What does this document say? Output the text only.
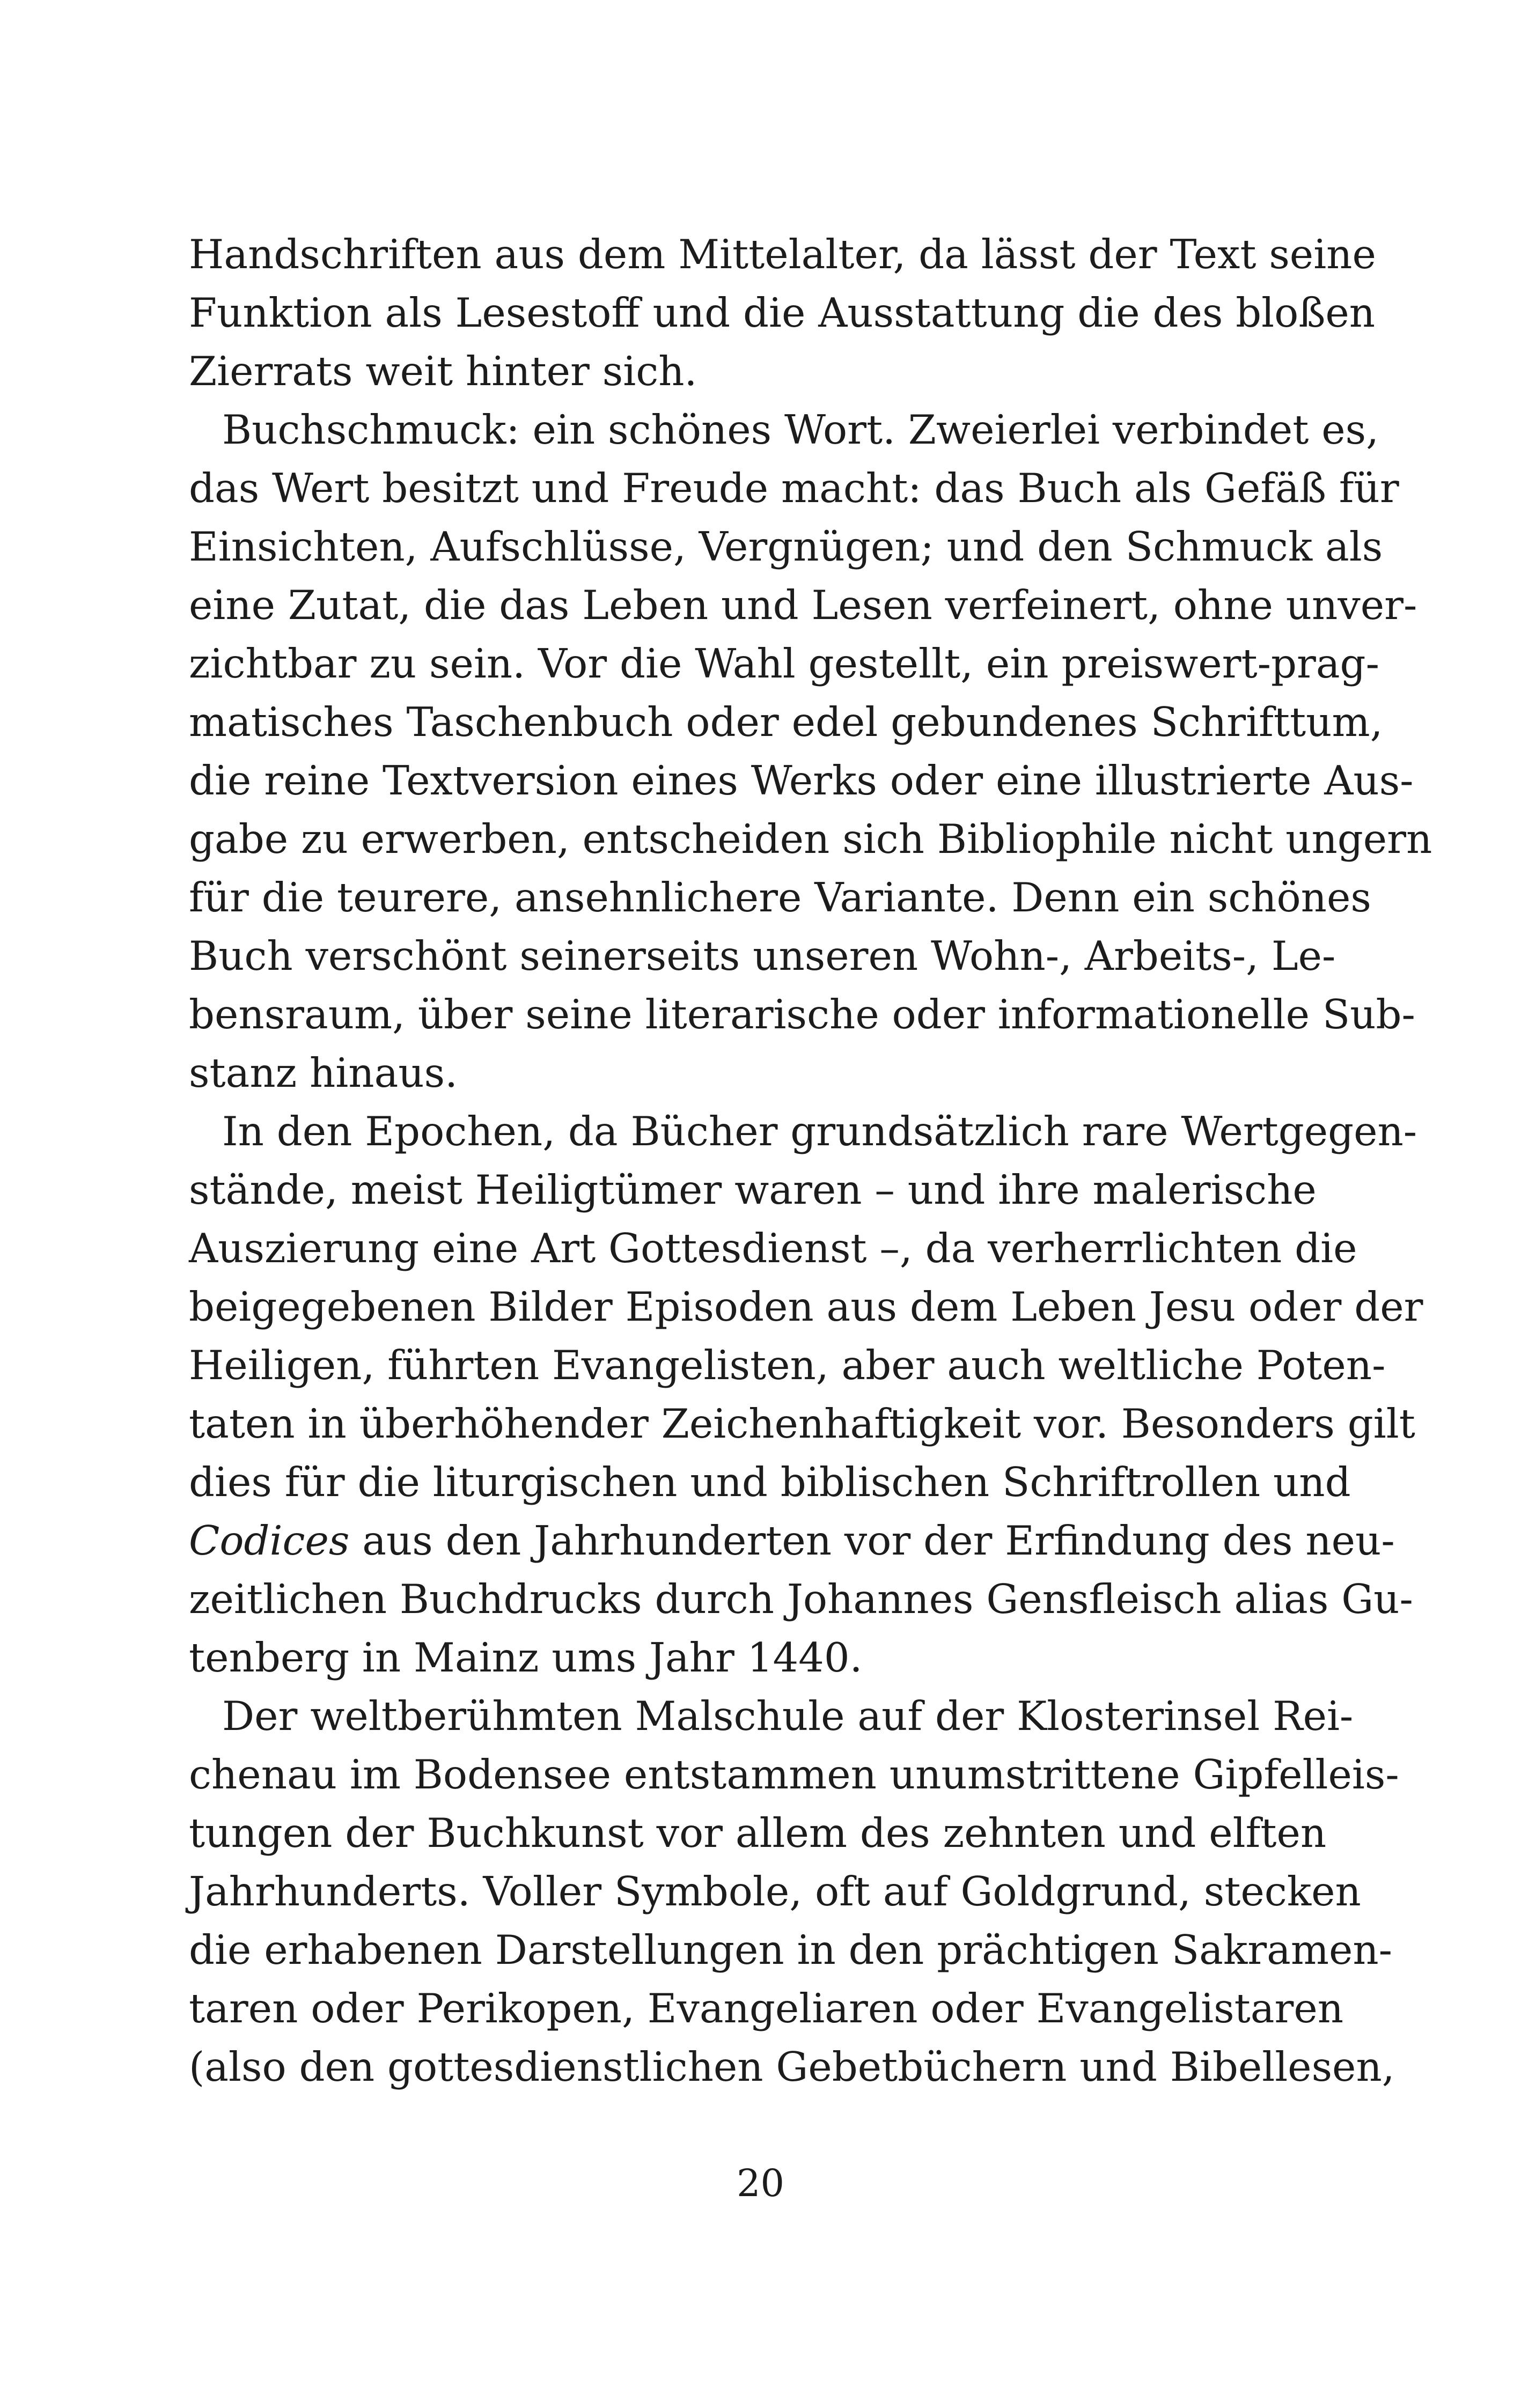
Handschriften aus dem Mittelalter, da lässt der Text seine
Funktion als Lesestoff und die Ausstattung die des bloßen
Zierrats weit hinter sich.
Buchschmuck: ein schönes Wort. Zweierlei verbindet es,
das Wert besitzt und Freude macht: das Buch als Gefäß für
Einsichten, Aufschlüsse, Vergnügen; und den Schmuck als
eine Zutat, die das Leben und Lesen verfeinert, ohne unver-
zichtbar zu sein. Vor die Wahl gestellt, ein preiswert-prag-
matisches Taschenbuch oder edel gebundenes Schrifttum,
die reine Textversion eines Werks oder eine illustrierte Aus-
gabe zu erwerben, entscheiden sich Bibliophile nicht ungern
für die teurere, ansehnlichere Variante. Denn ein schönes
Buch verschönt seinerseits unseren Wohn-, Arbeits-, Le-
bensraum, über seine literarische oder informationelle Sub-
stanz hinaus.
In den Epochen, da Bücher grundsätzlich rare Wertgegen-
stände, meist Heiligtümer waren – und ihre malerische
Auszierung eine Art Gottesdienst –, da verherrlichten die
beigegebenen Bilder Episoden aus dem Leben Jesu oder der
Heiligen, führten Evangelisten, aber auch weltliche Poten-
taten in überhöhender Zeichenhaftigkeit vor. Besonders gilt
dies für die liturgischen und biblischen Schriftrollen und
Codices aus den Jahrhunderten vor der Erfindung des neu-
zeitlichen Buchdrucks durch Johannes Gensfleisch alias Gu-
tenberg in Mainz ums Jahr 1440.
Der weltberühmten Malschule auf der Klosterinsel Rei-
chenau im Bodensee entstammen unumstrittene Gipfelleis-
tungen der Buchkunst vor allem des zehnten und elften
Jahrhunderts. Voller Symbole, oft auf Goldgrund, stecken
die erhabenen Darstellungen in den prächtigen Sakramen-
taren oder Perikopen, Evangeliaren oder Evangelistaren
(also den gottesdienstlichen Gebetbüchern und Bibellesen,
20
